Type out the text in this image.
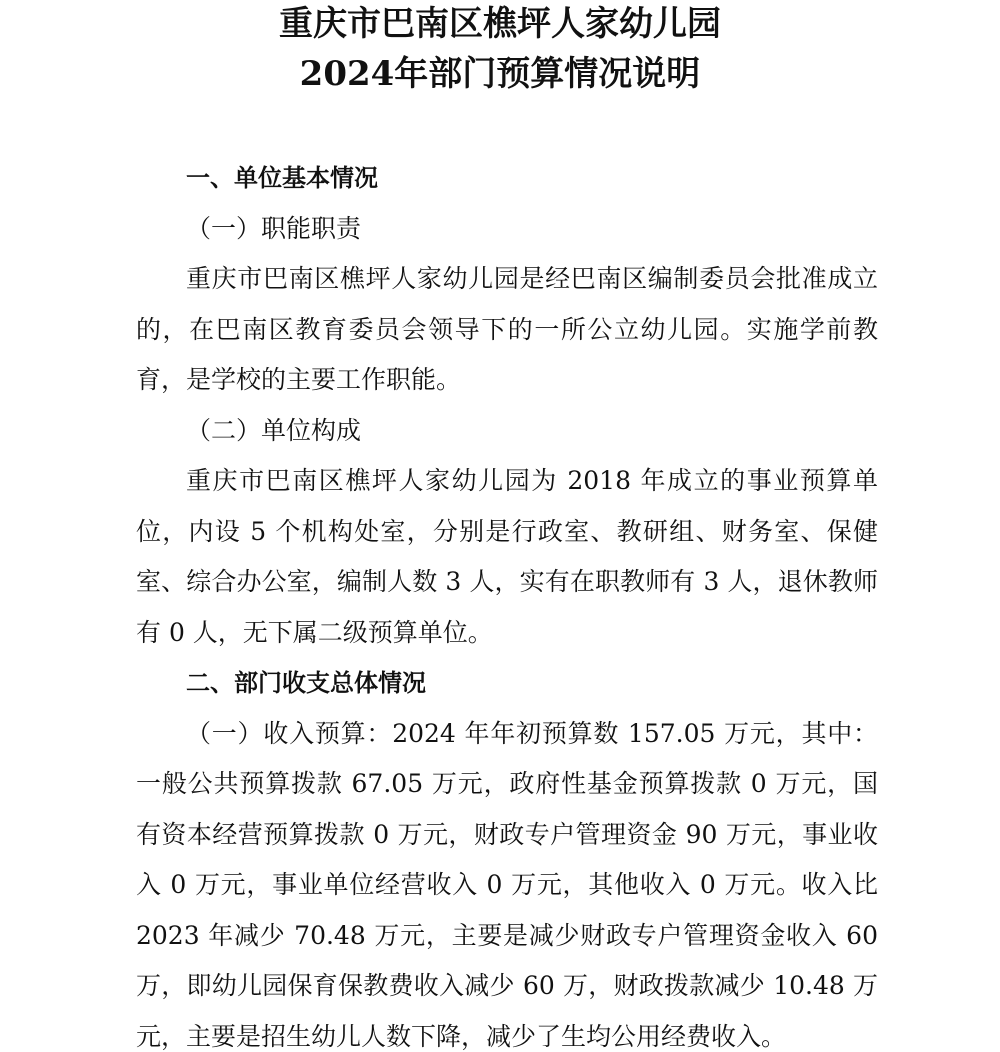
重庆市巴南区樵坪人家幼儿园
2024年部门预算情况说明
一、单位基本情况
（一）职能职责
重庆市巴南区樵坪人家幼儿园是经巴南区编制委员会批准成立的，在巴南区教育委员会领导下的一所公立幼儿园。实施学前教育，是学校的主要工作职能。
（二）单位构成
重庆市巴南区樵坪人家幼儿园为 2018 年成立的事业预算单位，内设 5 个机构处室，分别是行政室、教研组、财务室、保健室、综合办公室，编制人数 3 人，实有在职教师有 3 人，退休教师有 0 人，无下属二级预算单位。
二、部门收支总体情况
（一）收入预算：2024 年年初预算数 157.05 万元，其中：一般公共预算拨款 67.05 万元，政府性基金预算拨款 0 万元，国有资本经营预算拨款 0 万元，财政专户管理资金 90 万元，事业收入 0 万元，事业单位经营收入 0 万元，其他收入 0 万元。收入比 2023 年减少 70.48 万元，主要是减少财政专户管理资金收入 60 万，即幼儿园保育保教费收入减少 60 万，财政拨款减少 10.48 万元，主要是招生幼儿人数下降，减少了生均公用经费收入。
